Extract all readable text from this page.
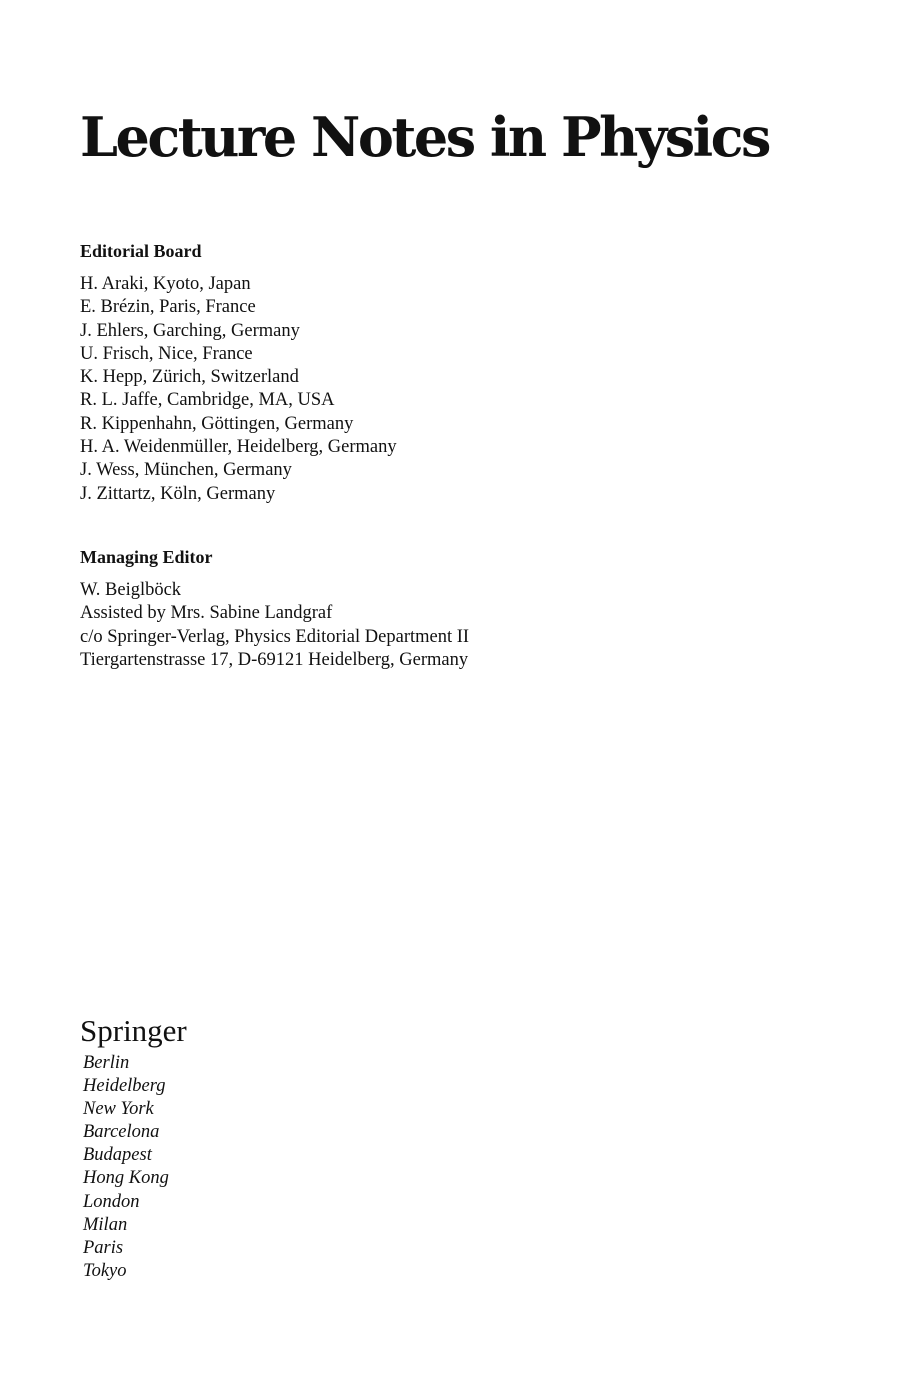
Lecture Notes in Physics
Editorial Board
H. Araki, Kyoto, Japan
E. Brézin, Paris, France
J. Ehlers, Garching, Germany
U. Frisch, Nice, France
K. Hepp, Zürich, Switzerland
R. L. Jaffe, Cambridge, MA, USA
R. Kippenhahn, Göttingen, Germany
H. A. Weidenmüller, Heidelberg, Germany
J. Wess, München, Germany
J. Zittartz, Köln, Germany
Managing Editor
W. Beiglböck
Assisted by Mrs. Sabine Landgraf
c/o Springer-Verlag, Physics Editorial Department II
Tiergartenstrasse 17, D-69121 Heidelberg, Germany
Springer
Berlin
Heidelberg
New York
Barcelona
Budapest
Hong Kong
London
Milan
Paris
Tokyo
